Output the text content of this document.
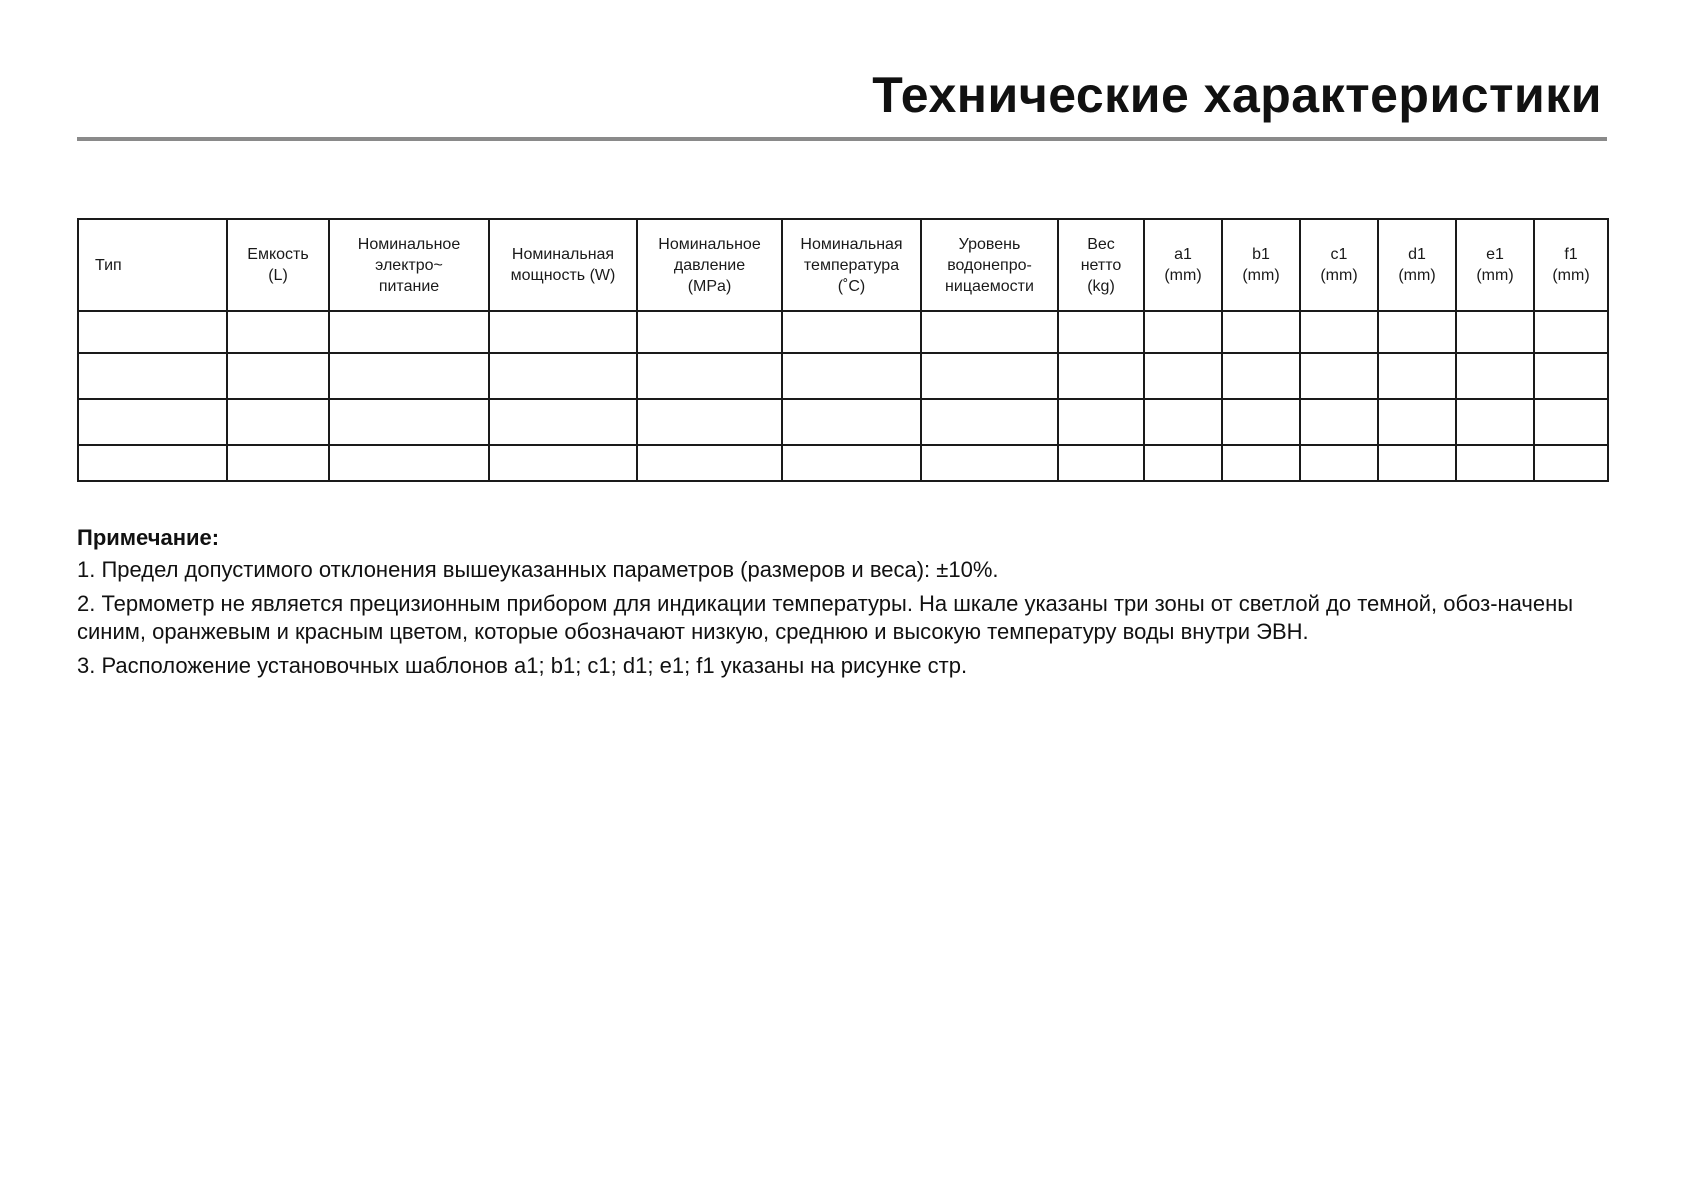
Технические характеристики
Тип	Емкость
(L)	Номинальное
электро~
питание	Номинальная
мощность (W)	Номинальное
давление
(MPa)	Номинальная
температура
(˚C)	Уровень
водонепро-
ницаемости	Вес
нетто
(kg)	a1
(mm)	b1
(mm)	c1
(mm)	d1
(mm)	e1
(mm)	f1
(mm)

Примечание:

1. Предел допустимого отклонения вышеуказанных параметров (размеров и веса): ±10%.

2. Термометр не является прецизионным прибором для индикации температуры. На шкале указаны три зоны от светлой до темной, обоз-начены синим, оранжевым и красным цветом, которые обозначают низкую, среднюю и высокую температуру воды внутри ЭВН.

3. Расположение установочных шаблонов a1; b1; c1; d1; e1; f1 указаны на рисунке стр.
